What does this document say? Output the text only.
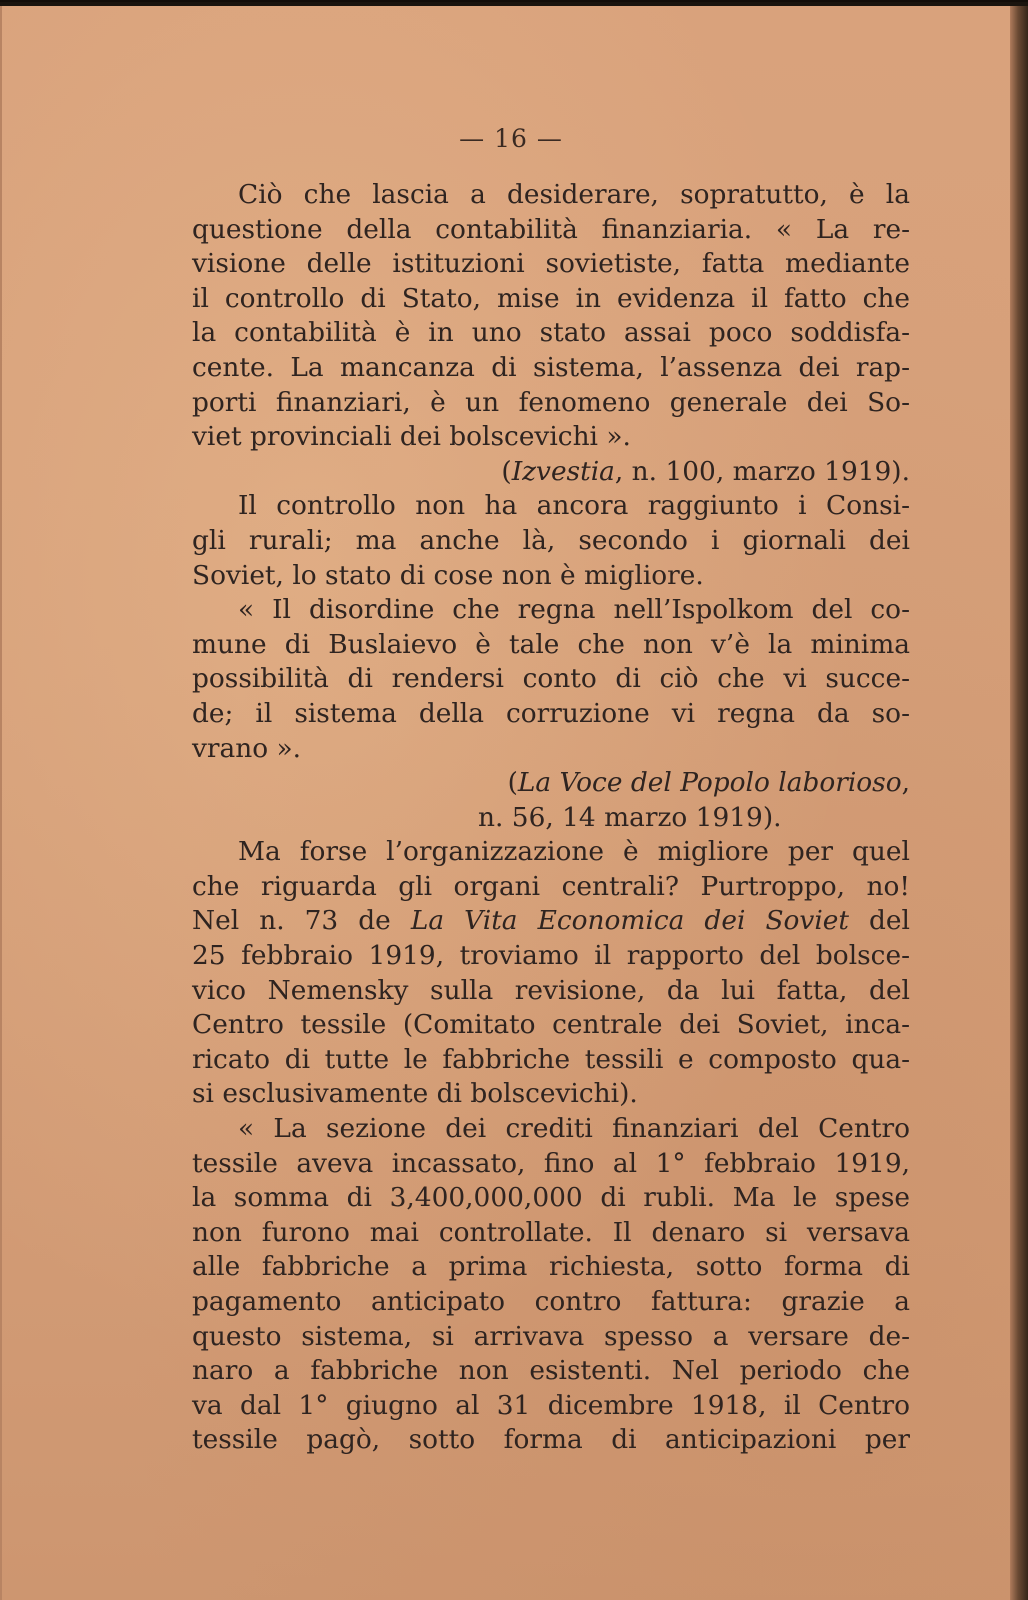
— 16 —
Ciò che lascia a desiderare, sopratutto, è la
questione della contabilità finanziaria. « La re-
visione delle istituzioni sovietiste, fatta mediante
il controllo di Stato, mise in evidenza il fatto che
la contabilità è in uno stato assai poco soddisfa-
cente. La mancanza di sistema, l’assenza dei rap-
porti finanziari, è un fenomeno generale dei So-
viet provinciali dei bolscevichi ».
(Izvestia, n. 100, marzo 1919).
Il controllo non ha ancora raggiunto i Consi-
gli rurali; ma anche là, secondo i giornali dei
Soviet, lo stato di cose non è migliore.
« Il disordine che regna nell’Ispolkom del co-
mune di Buslaievo è tale che non v’è la minima
possibilità di rendersi conto di ciò che vi succe-
de; il sistema della corruzione vi regna da so-
vrano ».
(La Voce del Popolo laborioso,
n. 56, 14 marzo 1919).
Ma forse l’organizzazione è migliore per quel
che riguarda gli organi centrali? Purtroppo, no!
Nel n. 73 de La Vita Economica dei Soviet del
25 febbraio 1919, troviamo il rapporto del bolsce-
vico Nemensky sulla revisione, da lui fatta, del
Centro tessile (Comitato centrale dei Soviet, inca-
ricato di tutte le fabbriche tessili e composto qua-
si esclusivamente di bolscevichi).
« La sezione dei crediti finanziari del Centro
tessile aveva incassato, fino al 1° febbraio 1919,
la somma di 3,400,000,000 di rubli. Ma le spese
non furono mai controllate. Il denaro si versava
alle fabbriche a prima richiesta, sotto forma di
pagamento anticipato contro fattura: grazie a
questo sistema, si arrivava spesso a versare de-
naro a fabbriche non esistenti. Nel periodo che
va dal 1° giugno al 31 dicembre 1918, il Centro
tessile pagò, sotto forma di anticipazioni per
